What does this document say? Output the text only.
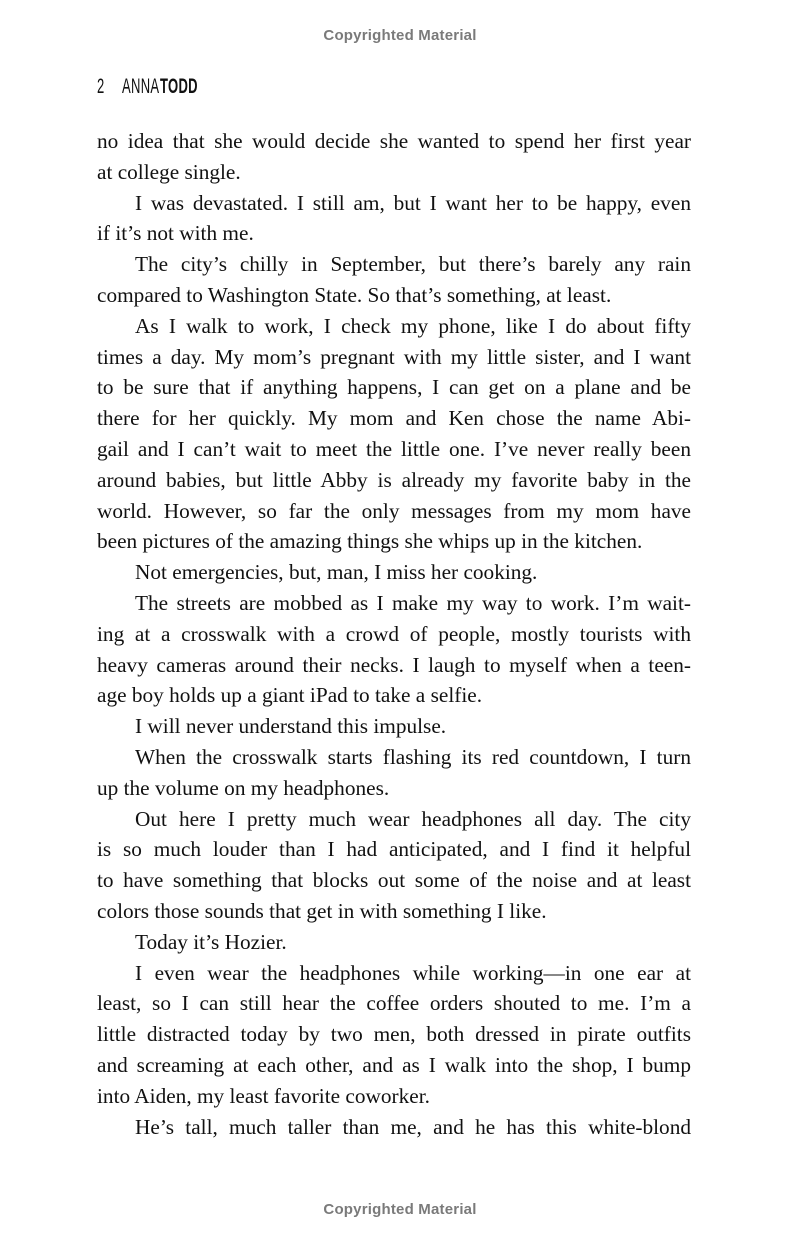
Copyrighted Material
2 ANNA TODD
no idea that she would decide she wanted to spend her first year
at college single.
I was devastated. I still am, but I want her to be happy, even
if it’s not with me.
The city’s chilly in September, but there’s barely any rain
compared to Washington State. So that’s something, at least.
As I walk to work, I check my phone, like I do about fifty
times a day. My mom’s pregnant with my little sister, and I want
to be sure that if anything happens, I can get on a plane and be
there for her quickly. My mom and Ken chose the name Abi-
gail and I can’t wait to meet the little one. I’ve never really been
around babies, but little Abby is already my favorite baby in the
world. However, so far the only messages from my mom have
been pictures of the amazing things she whips up in the kitchen.
Not emergencies, but, man, I miss her cooking.
The streets are mobbed as I make my way to work. I’m wait-
ing at a crosswalk with a crowd of people, mostly tourists with
heavy cameras around their necks. I laugh to myself when a teen-
age boy holds up a giant iPad to take a selfie.
I will never understand this impulse.
When the crosswalk starts flashing its red countdown, I turn
up the volume on my headphones.
Out here I pretty much wear headphones all day. The city
is so much louder than I had anticipated, and I find it helpful
to have something that blocks out some of the noise and at least
colors those sounds that get in with something I like.
Today it’s Hozier.
I even wear the headphones while working—in one ear at
least, so I can still hear the coffee orders shouted to me. I’m a
little distracted today by two men, both dressed in pirate outfits
and screaming at each other, and as I walk into the shop, I bump
into Aiden, my least favorite coworker.
He’s tall, much taller than me, and he has this white-blond
Copyrighted Material
